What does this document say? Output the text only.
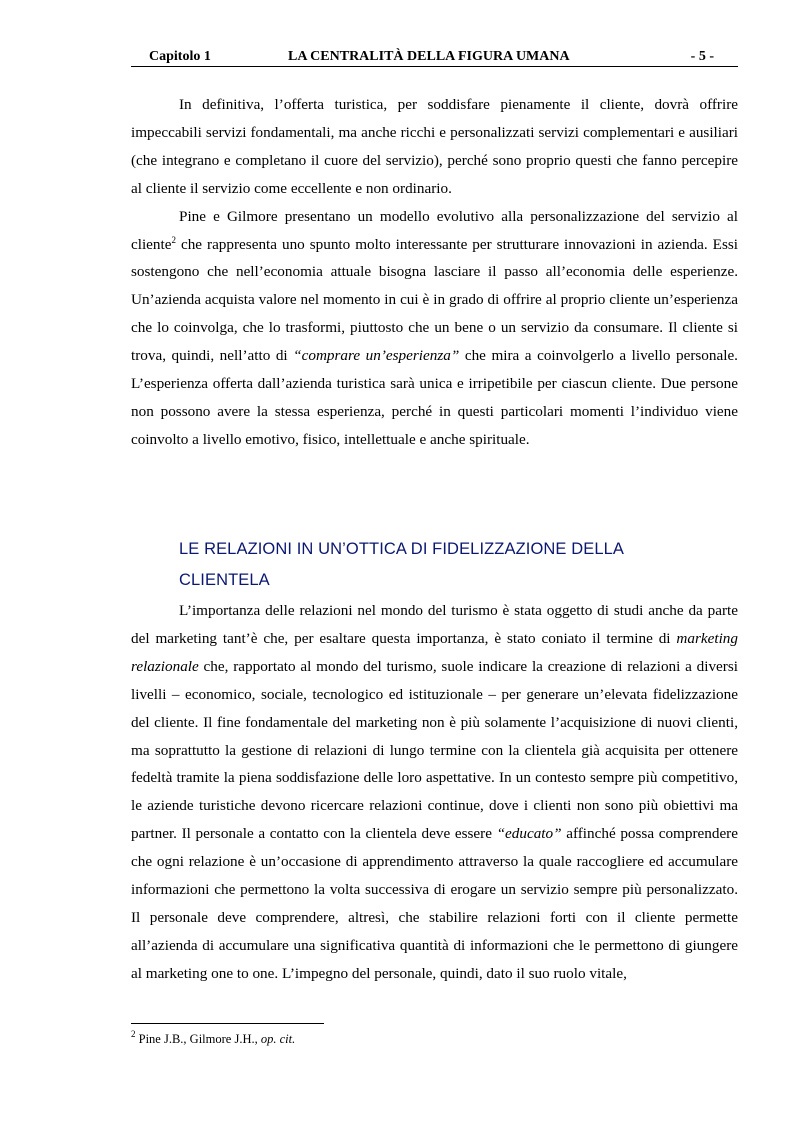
Capitolo 1	LA CENTRALITÀ DELLA FIGURA UMANA	- 5 -

In definitiva, l’offerta turistica, per soddisfare pienamente il cliente, dovrà offrire impeccabili servizi fondamentali, ma anche ricchi e personalizzati servizi complementari e ausiliari (che integrano e completano il cuore del servizio), perché sono proprio questi che fanno percepire al cliente il servizio come eccellente e non ordinario.

Pine e Gilmore presentano un modello evolutivo alla personalizzazione del servizio al cliente$^2$ che rappresenta uno spunto molto interessante per strutturare innovazioni in azienda. Essi sostengono che nell’economia attuale bisogna lasciare il passo all’economia delle esperienze. Un’azienda acquista valore nel momento in cui è in grado di offrire al proprio cliente un’esperienza che lo coinvolga, che lo trasformi, piuttosto che un bene o un servizio da consumare. Il cliente si trova, quindi, nell’atto di “comprare un’esperienza” che mira a coinvolgerlo a livello personale. L’esperienza offerta dall’azienda turistica sarà unica e irripetibile per ciascun cliente. Due persone non possono avere la stessa esperienza, perché in questi particolari momenti l’individuo viene coinvolto a livello emotivo, fisico, intellettuale e anche spirituale.

LE RELAZIONI IN UN’OTTICA DI FIDELIZZAZIONE DELLA
CLIENTELA

L’importanza delle relazioni nel mondo del turismo è stata oggetto di studi anche da parte del marketing tant’è che, per esaltare questa importanza, è stato coniato il termine di marketing relazionale che, rapportato al mondo del turismo, suole indicare la creazione di relazioni a diversi livelli – economico, sociale, tecnologico ed istituzionale – per generare un’elevata fidelizzazione del cliente. Il fine fondamentale del marketing non è più solamente l’acquisizione di nuovi clienti, ma soprattutto la gestione di relazioni di lungo termine con la clientela già acquisita per ottenere fedeltà tramite la piena soddisfazione delle loro aspettative. In un contesto sempre più competitivo, le aziende turistiche devono ricercare relazioni continue, dove i clienti non sono più obiettivi ma partner. Il personale a contatto con la clientela deve essere “educato” affinché possa comprendere che ogni relazione è un’occasione di apprendimento attraverso la quale raccogliere ed accumulare informazioni che permettono la volta successiva di erogare un servizio sempre più personalizzato. Il personale deve comprendere, altresì, che stabilire relazioni forti con il cliente permette all’azienda di accumulare una significativa quantità di informazioni che le permettono di giungere al marketing one to one. L’impegno del personale, quindi, dato il suo ruolo vitale,

$^2$ Pine J.B., Gilmore J.H., op. cit.
